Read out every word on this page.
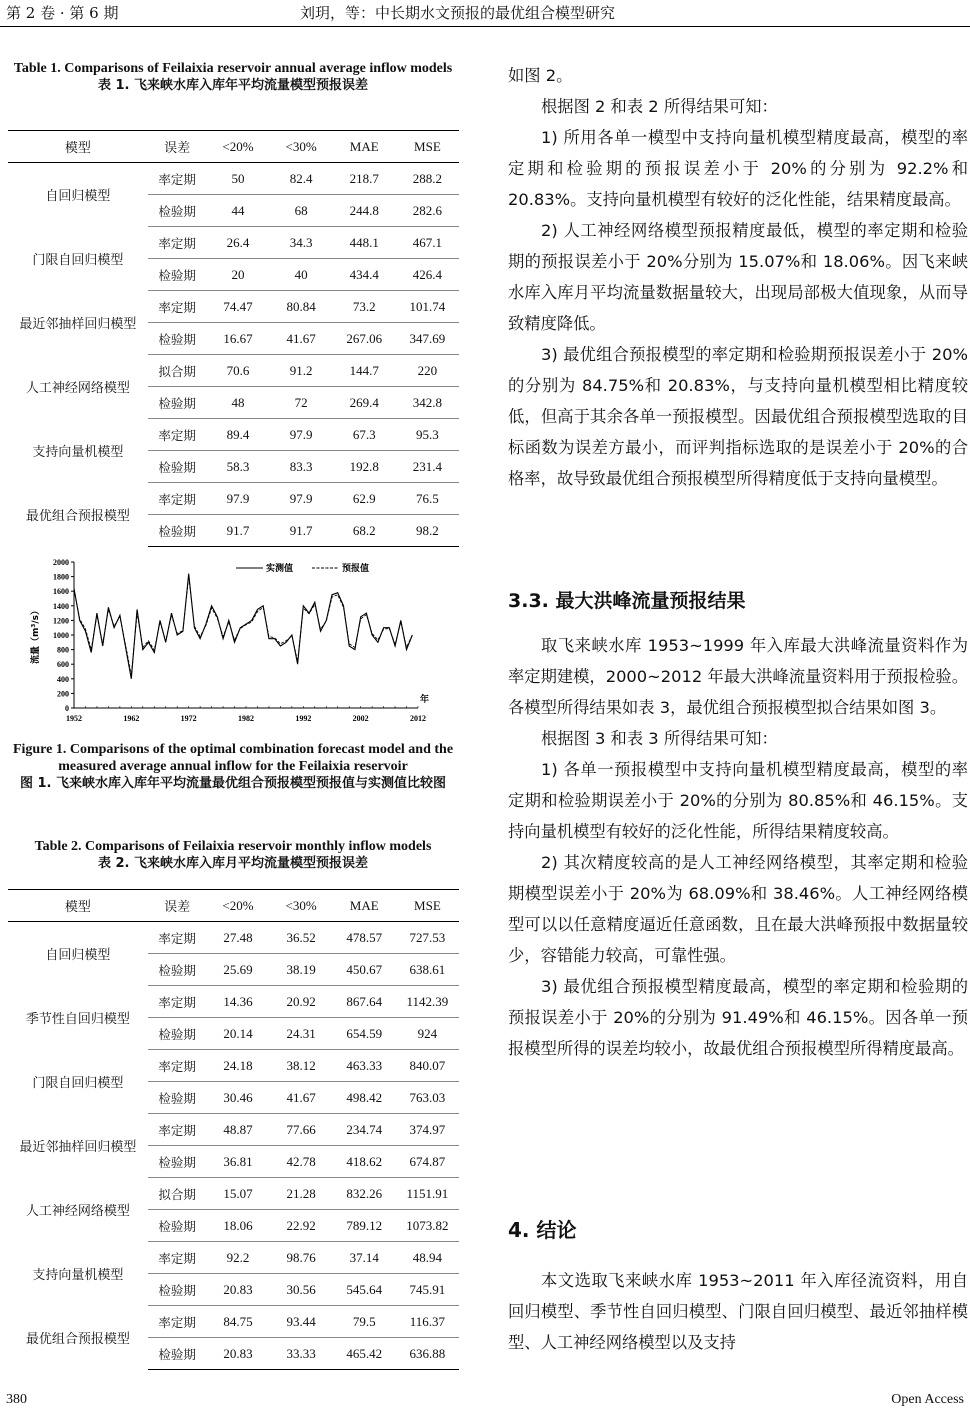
第 2 卷 · 第 6 期	刘玥，等：中长期水文预报的最优组合模型研究
Table 1. Comparisons of Feilaixia reservoir annual average inflow models
表 1. 飞来峡水库入库年平均流量模型预报误差
模型	误差	<20%	<30%	MAE	MSE
自回归模型	率定期	50	82.4	218.7	288.2
	检验期	44	68	244.8	282.6
门限自回归模型	率定期	26.4	34.3	448.1	467.1
	检验期	20	40	434.4	426.4
最近邻抽样回归模型	率定期	74.47	80.84	73.2	101.74
	检验期	16.67	41.67	267.06	347.69
人工神经网络模型	拟合期	70.6	91.2	144.7	220
	检验期	48	72	269.4	342.8
支持向量机模型	率定期	89.4	97.9	67.3	95.3
	检验期	58.3	83.3	192.8	231.4
最优组合预报模型	率定期	97.9	97.9	62.9	76.5
	检验期	91.7	91.7	68.2	98.2
0
200
400
600
800
1000
1200
1400
1600
1800
2000
1952	1962	1972	1982	1992	2002	2012
流量（m³/s）
年
实测值	预报值
Figure 1. Comparisons of the optimal combination forecast model and the measured average annual inflow for the Feilaixia reservoir
图 1. 飞来峡水库入库年平均流量最优组合预报模型预报值与实测值比较图
Table 2. Comparisons of Feilaixia reservoir monthly inflow models
表 2. 飞来峡水库入库月平均流量模型预报误差
模型	误差	<20%	<30%	MAE	MSE
自回归模型	率定期	27.48	36.52	478.57	727.53
	检验期	25.69	38.19	450.67	638.61
季节性自回归模型	率定期	14.36	20.92	867.64	1142.39
	检验期	20.14	24.31	654.59	924
门限自回归模型	率定期	24.18	38.12	463.33	840.07
	检验期	30.46	41.67	498.42	763.03
最近邻抽样回归模型	率定期	48.87	77.66	234.74	374.97
	检验期	36.81	42.78	418.62	674.87
人工神经网络模型	拟合期	15.07	21.28	832.26	1151.91
	检验期	18.06	22.92	789.12	1073.82
支持向量机模型	率定期	92.2	98.76	37.14	48.94
	检验期	20.83	30.56	545.64	745.91
最优组合预报模型	率定期	84.75	93.44	79.5	116.37
	检验期	20.83	33.33	465.42	636.88

如图 2。

根据图 2 和表 2 所得结果可知：

1) 所用各单一模型中支持向量机模型精度最高，模型的率定期和检验期的预报误差小于 20%的分别为 92.2%和 20.83%。支持向量机模型有较好的泛化性能，结果精度最高。

2) 人工神经网络模型预报精度最低，模型的率定期和检验期的预报误差小于 20%分别为 15.07%和 18.06%。因飞来峡水库入库月平均流量数据量较大，出现局部极大值现象，从而导致精度降低。

3) 最优组合预报模型的率定期和检验期预报误差小于 20%的分别为 84.75%和 20.83%，与支持向量机模型相比精度较低，但高于其余各单一预报模型。因最优组合预报模型选取的目标函数为误差方最小，而评判指标选取的是误差小于 20%的合格率，故导致最优组合预报模型所得精度低于支持向量模型。

3.3. 最大洪峰流量预报结果

取飞来峡水库 1953~1999 年入库最大洪峰流量资料作为率定期建模，2000~2012 年最大洪峰流量资料用于预报检验。各模型所得结果如表 3，最优组合预报模型拟合结果如图 3。

根据图 3 和表 3 所得结果可知：

1) 各单一预报模型中支持向量机模型精度最高，模型的率定期和检验期误差小于 20%的分别为 80.85%和 46.15%。支持向量机模型有较好的泛化性能，所得结果精度较高。

2) 其次精度较高的是人工神经网络模型，其率定期和检验期模型误差小于 20%为 68.09%和 38.46%。人工神经网络模型可以以任意精度逼近任意函数，且在最大洪峰预报中数据量较少，容错能力较高，可靠性强。

3) 最优组合预报模型精度最高，模型的率定期和检验期的预报误差小于 20%的分别为 91.49%和 46.15%。因各单一预报模型所得的误差均较小，故最优组合预报模型所得精度最高。

4. 结论

本文选取飞来峡水库 1953~2011 年入库径流资料，用自回归模型、季节性自回归模型、门限自回归模型、最近邻抽样模型、人工神经网络模型以及支持

380	Open Access
